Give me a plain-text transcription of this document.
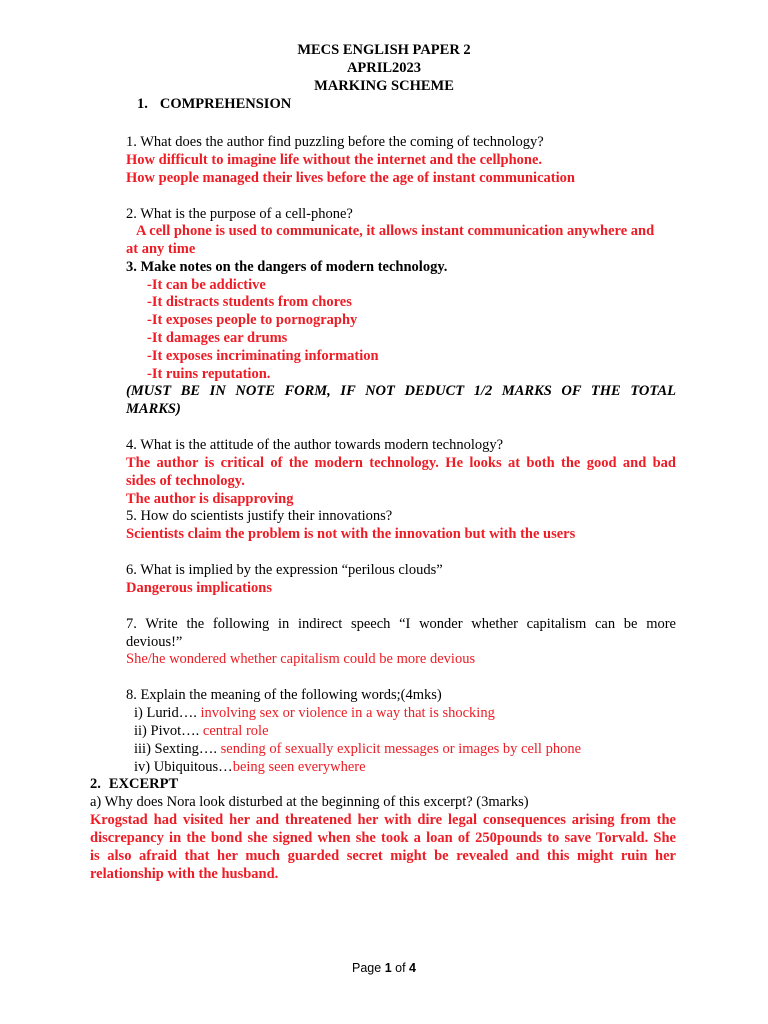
MECS ENGLISH PAPER 2
APRIL2023
MARKING SCHEME
1. COMPREHENSION
1. What does the author find puzzling before the coming of technology?
How difficult to imagine life without the internet and the cellphone.
How people managed their lives before the age of instant communication
2. What is the purpose of a cell-phone?
A cell phone is used to communicate, it allows instant communication anywhere and
at any time
3. Make notes on the dangers of modern technology.
-It can be addictive
-It distracts students from chores
-It exposes people to pornography
-It damages ear drums
-It exposes incriminating information
-It ruins reputation.
(MUST BE IN NOTE FORM, IF NOT DEDUCT 1/2 MARKS OF THE TOTAL
MARKS)
4. What is the attitude of the author towards modern technology?
The author is critical of the modern technology. He looks at both the good and bad
sides of technology.
The author is disapproving
5. How do scientists justify their innovations?
Scientists claim the problem is not with the innovation but with the users
6. What is implied by the expression “perilous clouds”
Dangerous implications
7. Write the following in indirect speech “I wonder whether capitalism can be more
devious!”
She/he wondered whether capitalism could be more devious
8. Explain the meaning of the following words;(4mks)
i) Lurid…. involving sex or violence in a way that is shocking
ii) Pivot…. central role
iii) Sexting…. sending of sexually explicit messages or images by cell phone
iv) Ubiquitous…being seen everywhere
2. EXCERPT
a) Why does Nora look disturbed at the beginning of this excerpt? (3marks)
Krogstad had visited her and threatened her with dire legal consequences arising from the
discrepancy in the bond she signed when she took a loan of 250pounds to save Torvald. She
is also afraid that her much guarded secret might be revealed and this might ruin her
relationship with the husband.
Page 1 of 4
